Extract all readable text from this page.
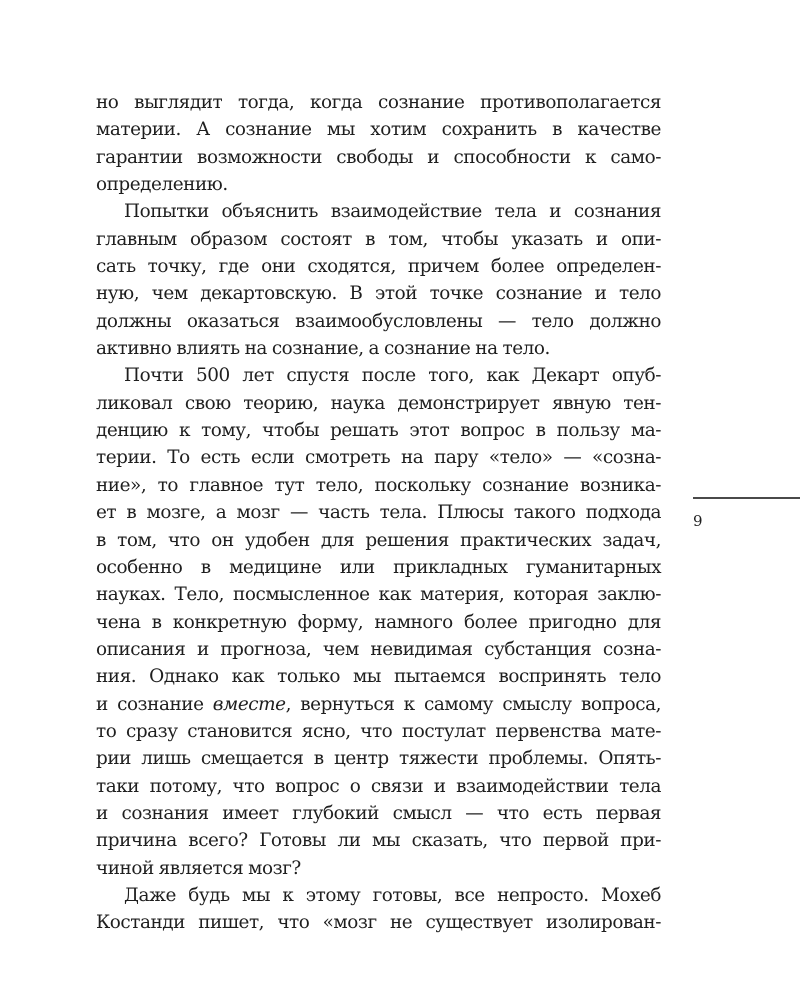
но выглядит тогда, когда сознание противополагается
материи. А сознание мы хотим сохранить в качестве
гарантии возможности свободы и способности к само-
определению.
Попытки объяснить взаимодействие тела и сознания
главным образом состоят в том, чтобы указать и опи-
сать точку, где они сходятся, причем более определен-
ную, чем декартовскую. В этой точке сознание и тело
должны оказаться взаимообусловлены — тело должно
активно влиять на сознание, а сознание на тело.
Почти 500 лет спустя после того, как Декарт опуб-
ликовал свою теорию, наука демонстрирует явную тен-
денцию к тому, чтобы решать этот вопрос в пользу ма-
терии. То есть если смотреть на пару «тело» — «созна-
ние», то главное тут тело, поскольку сознание возника-
ет в мозге, а мозг — часть тела. Плюсы такого подхода
в том, что он удобен для решения практических задач,
особенно в медицине или прикладных гуманитарных
науках. Тело, посмысленное как материя, которая заклю-
чена в конкретную форму, намного более пригодно для
описания и прогноза, чем невидимая субстанция созна-
ния. Однако как только мы пытаемся воспринять тело
и сознание вместе, вернуться к самому смыслу вопроса,
то сразу становится ясно, что постулат первенства мате-
рии лишь смещается в центр тяжести проблемы. Опять-
таки потому, что вопрос о связи и взаимодействии тела
и сознания имеет глубокий смысл — что есть первая
причина всего? Готовы ли мы сказать, что первой при-
чиной является мозг?
Даже будь мы к этому готовы, все непросто. Мохеб
Костанди пишет, что «мозг не существует изолирован-
9
